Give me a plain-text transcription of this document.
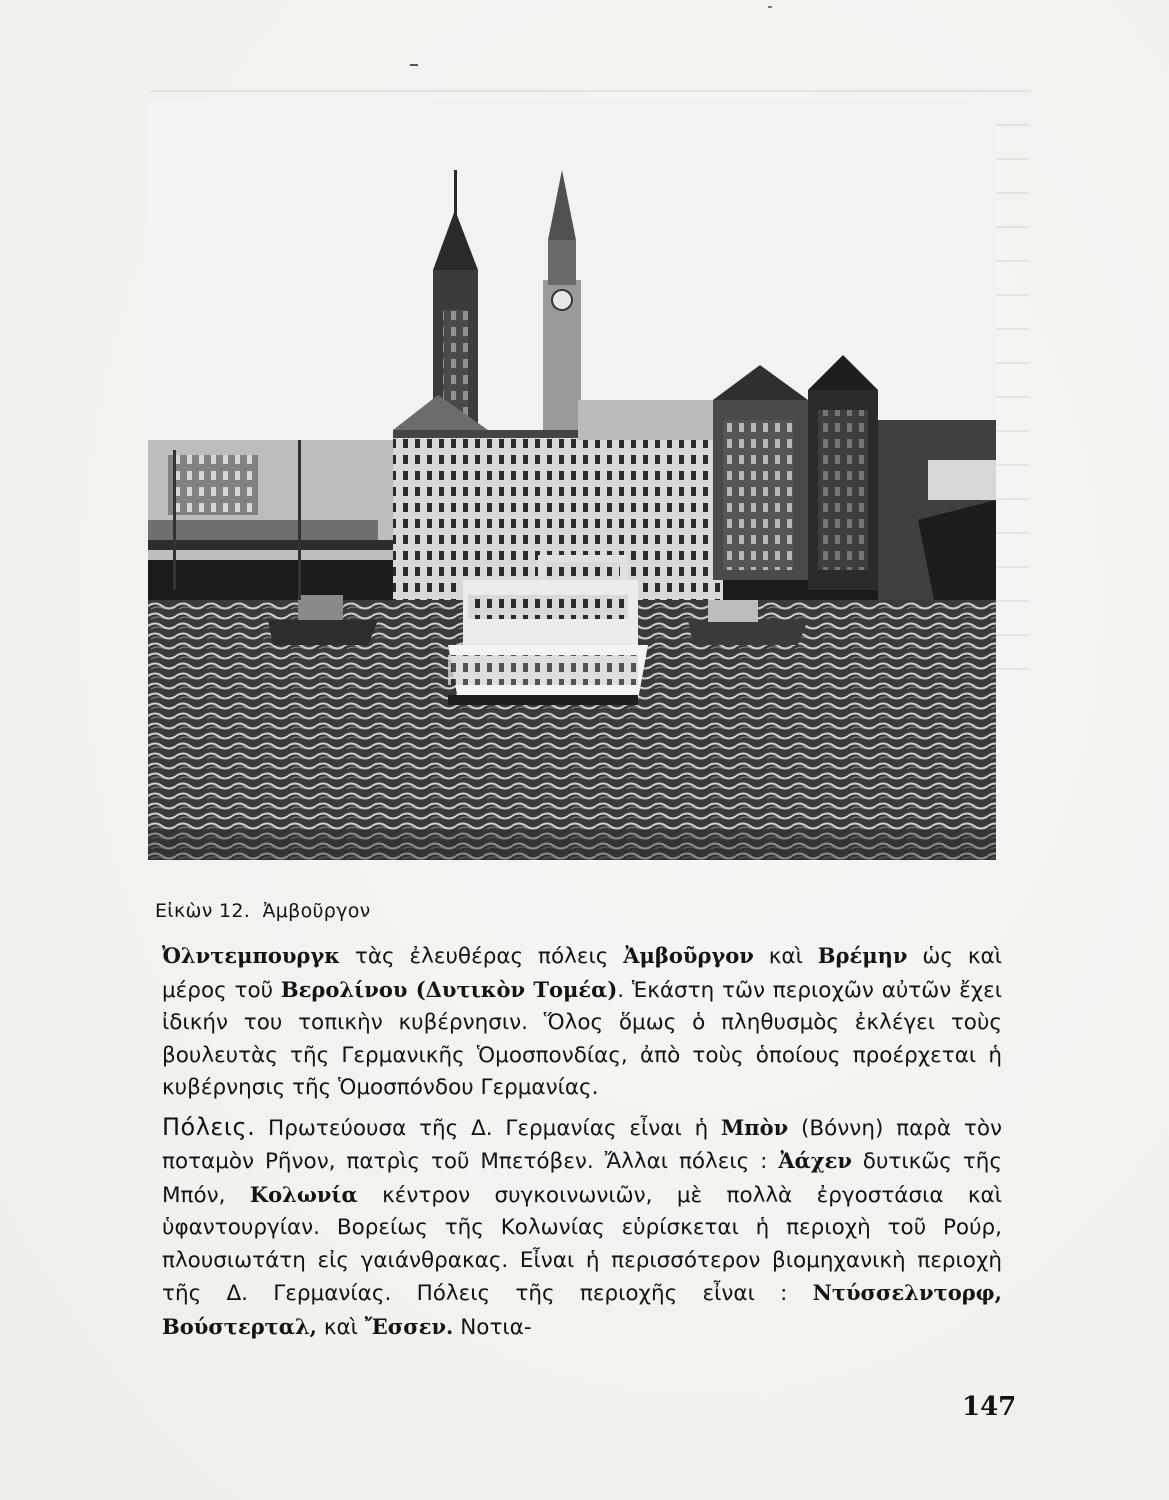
Εἰκὼν 12. Ἀμβοῦργον

Ὀλντεμπουργκ τὰς ἐλευθέρας πόλεις Ἀμβοῦργον καὶ Βρέμην ὡς καὶ μέρος τοῦ Βερολίνου (Δυτικὸν Τομέα). Ἑκάστη τῶν περιοχῶν αὐτῶν ἔχει ἰδικήν του τοπικὴν κυβέρνησιν. Ὅλος ὅμως ὁ πληθυσμὸς ἐκλέγει τοὺς βουλευτὰς τῆς Γερμανικῆς Ὁμοσπονδίας, ἀπὸ τοὺς ὁποίους προέρχεται ἡ κυβέρνησις τῆς Ὁμοσπόνδου Γερμανίας.

Πόλεις. Πρωτεύουσα τῆς Δ. Γερμανίας εἶναι ἡ Μπὸν (Βόννη) παρὰ τὸν ποταμὸν Ρῆνον, πατρὶς τοῦ Μπετόβεν. Ἄλλαι πόλεις : Ἀάχεν δυτικῶς τῆς Μπόν, Κολωνία κέντρον συγκοινωνιῶν, μὲ πολλὰ ἐργοστάσια καὶ ὑφαντουργίαν. Βορείως τῆς Κολωνίας εὑρίσκεται ἡ περιοχὴ τοῦ Ρούρ, πλουσιωτάτη εἰς γαιάνθρακας. Εἶναι ἡ περισσότερον βιομηχανικὴ περιοχὴ τῆς Δ. Γερμανίας. Πόλεις τῆς περιοχῆς εἶναι : Ντύσσελντορφ, Βούστερταλ, καὶ Ἔσσεν. Νοτια-

147
